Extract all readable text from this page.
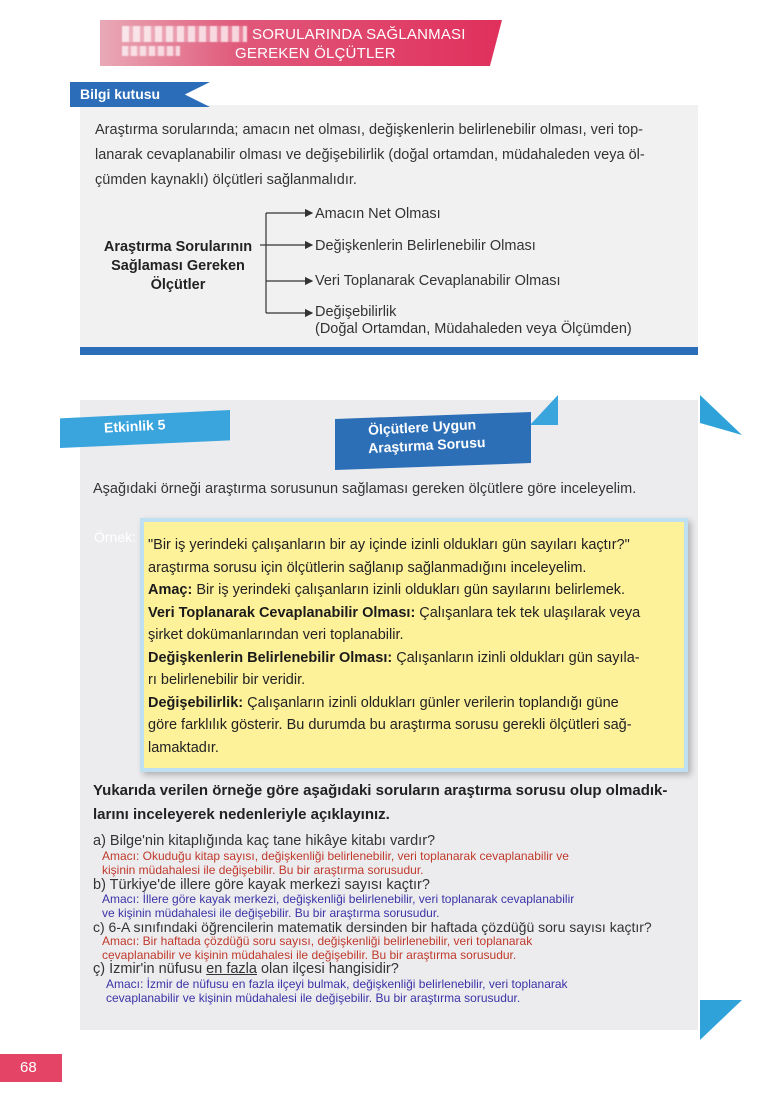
SORULARINDA SAĞLANMASI
GEREKEN ÖLÇÜTLER
Bilgi kutusu
Araştırma sorularında; amacın net olması, değişkenlerin belirlenebilir olması, veri top-
lanarak cevaplanabilir olması ve değişebilirlik (doğal ortamdan, müdahaleden veya öl-
çümden kaynaklı) ölçütleri sağlanmalıdır.
Araştırma Sorularının
Sağlaması Gereken
Ölçütler
Amacın Net Olması
Değişkenlerin Belirlenebilir Olması
Veri Toplanarak Cevaplanabilir Olması
Değişebilirlik
(Doğal Ortamdan, Müdahaleden veya Ölçümden)
Etkinlik 5	Ölçütlere Uygun
Araştırma Sorusu
Aşağıdaki örneği araştırma sorusunun sağlaması gereken ölçütlere göre inceleyelim.
Örnek: "Bir iş yerindeki çalışanların bir ay içinde izinli oldukları gün sayıları kaçtır?"
araştırma sorusu için ölçütlerin sağlanıp sağlanmadığını inceleyelim.
Amaç: Bir iş yerindeki çalışanların izinli oldukları gün sayılarını belirlemek.
Veri Toplanarak Cevaplanabilir Olması: Çalışanlara tek tek ulaşılarak veya
şirket dokümanlarından veri toplanabilir.
Değişkenlerin Belirlenebilir Olması: Çalışanların izinli oldukları gün sayıla-
rı belirlenebilir bir veridir.
Değişebilirlik: Çalışanların izinli oldukları günler verilerin toplandığı güne
göre farklılık gösterir. Bu durumda bu araştırma sorusu gerekli ölçütleri sağ-
lamaktadır.
Yukarıda verilen örneğe göre aşağıdaki soruların araştırma sorusu olup olmadık-
larını inceleyerek nedenleriyle açıklayınız.
a) Bilge'nin kitaplığında kaç tane hikâye kitabı vardır?
Amacı: Okuduğu kitap sayısı, değişkenliği belirlenebilir, veri toplanarak cevaplanabilir ve
kişinin müdahalesi ile değişebilir. Bu bir araştırma sorusudur.
b) Türkiye'de illere göre kayak merkezi sayısı kaçtır?
Amacı: İllere göre kayak merkezi, değişkenliği belirlenebilir, veri toplanarak cevaplanabilir
ve kişinin müdahalesi ile değişebilir. Bu bir araştırma sorusudur.
c) 6-A sınıfındaki öğrencilerin matematik dersinden bir haftada çözdüğü soru sayısı kaçtır?
Amacı: Bir haftada çözdüğü soru sayısı, değişkenliği belirlenebilir, veri toplanarak
cevaplanabilir ve kişinin müdahalesi ile değişebilir. Bu bir araştırma sorusudur.
ç) İzmir'in nüfusu en fazla olan ilçesi hangisidir?
Amacı: İzmir de nüfusu en fazla ilçeyi bulmak, değişkenliği belirlenebilir, veri toplanarak
cevaplanabilir ve kişinin müdahalesi ile değişebilir. Bu bir araştırma sorusudur.
68
